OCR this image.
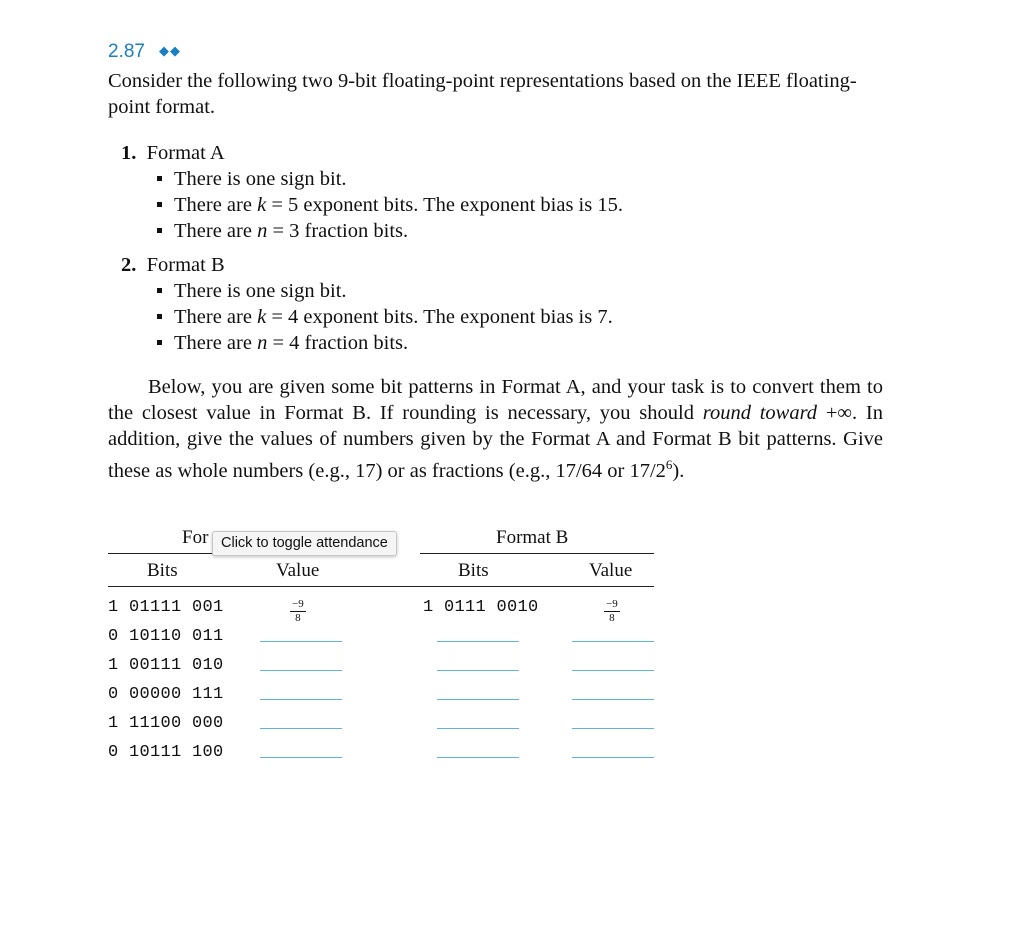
2.87 ◆◆
Consider the following two 9-bit floating-point representations based on the IEEE floating-point format.
1. Format A
There is one sign bit.
There are k = 5 exponent bits. The exponent bias is 15.
There are n = 3 fraction bits.
2. Format B
There is one sign bit.
There are k = 4 exponent bits. The exponent bias is 7.
There are n = 4 fraction bits.

Below, you are given some bit patterns in Format A, and your task is to convert them to the closest value in Format B. If rounding is necessary, you should round toward +∞. In addition, give the values of numbers given by the Format A and Format B bit patterns. Give these as whole numbers (e.g., 17) or as fractions (e.g., 17/64 or $17/2^6$).

For	Format B
Bits	Value	Bits	Value
1 01111 001	$\frac{-9}{8}$	1 0111 0010	$\frac{-9}{8}$
0 10110 011
1 00111 010
0 00000 111
1 11100 000
0 10111 100
Click to toggle attendance
